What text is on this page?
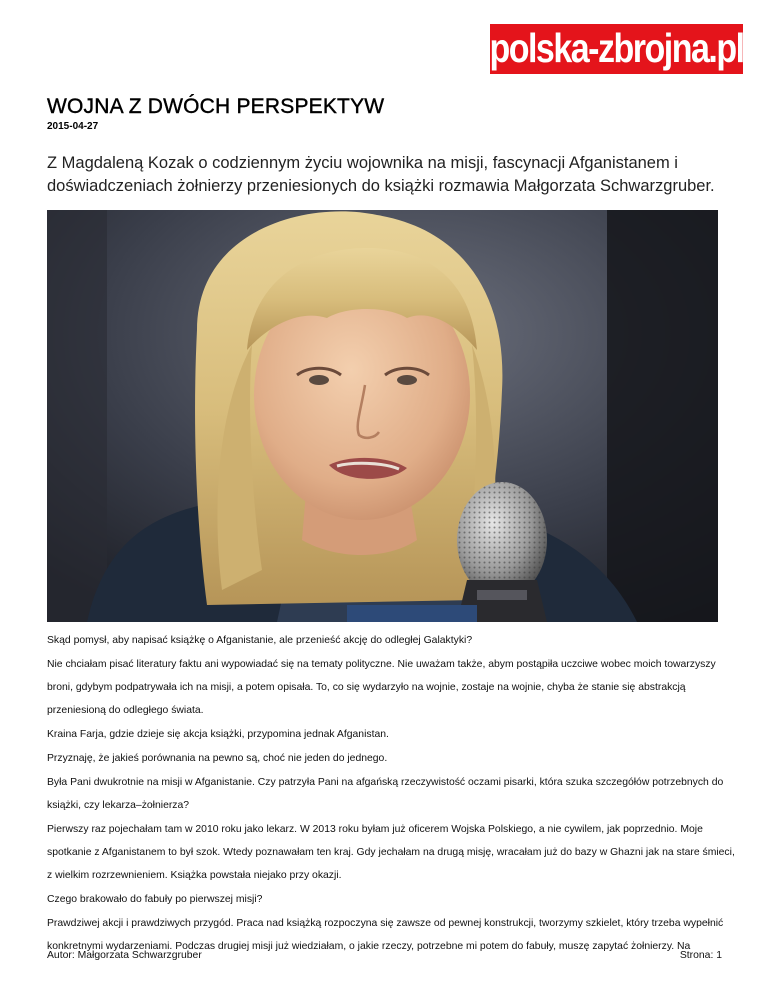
polska-zbrojna.pl
WOJNA Z DWÓCH PERSPEKTYW
2015-04-27

Z Magdaleną Kozak o codziennym życiu wojownika na misji, fascynacji Afganistanem i doświadczeniach żołnierzy przeniesionych do książki rozmawia Małgorzata Schwarzgruber.

Skąd pomysł, aby napisać książkę o Afganistanie, ale przenieść akcję do odległej Galaktyki?

Nie chciałam pisać literatury faktu ani wypowiadać się na tematy polityczne. Nie uważam także, abym postąpiła uczciwe wobec moich towarzyszy broni, gdybym podpatrywała ich na misji, a potem opisała. To, co się wydarzyło na wojnie, zostaje na wojnie, chyba że stanie się abstrakcją przeniesioną do odległego świata.

Kraina Farja, gdzie dzieje się akcja książki, przypomina jednak Afganistan.

Przyznaję, że jakieś porównania na pewno są, choć nie jeden do jednego.

Była Pani dwukrotnie na misji w Afganistanie. Czy patrzyła Pani na afgańską rzeczywistość oczami pisarki, która szuka szczegółów potrzebnych do książki, czy lekarza–żołnierza?

Pierwszy raz pojechałam tam w 2010 roku jako lekarz. W 2013 roku byłam już oficerem Wojska Polskiego, a nie cywilem, jak poprzednio. Moje spotkanie z Afganistanem to był szok. Wtedy poznawałam ten kraj. Gdy jechałam na drugą misję, wracałam już do bazy w Ghazni jak na stare śmieci, z wielkim rozrzewnieniem. Książka powstała niejako przy okazji.

Czego brakowało do fabuły po pierwszej misji?

Prawdziwej akcji i prawdziwych przygód. Praca nad książką rozpoczyna się zawsze od pewnej konstrukcji, tworzymy szkielet, który trzeba wypełnić konkretnymi wydarzeniami. Podczas drugiej misji już wiedziałam, o jakie rzeczy, potrzebne mi potem do fabuły, muszę zapytać żołnierzy. Na

Autor: Małgorzata Schwarzgruber	Strona: 1
